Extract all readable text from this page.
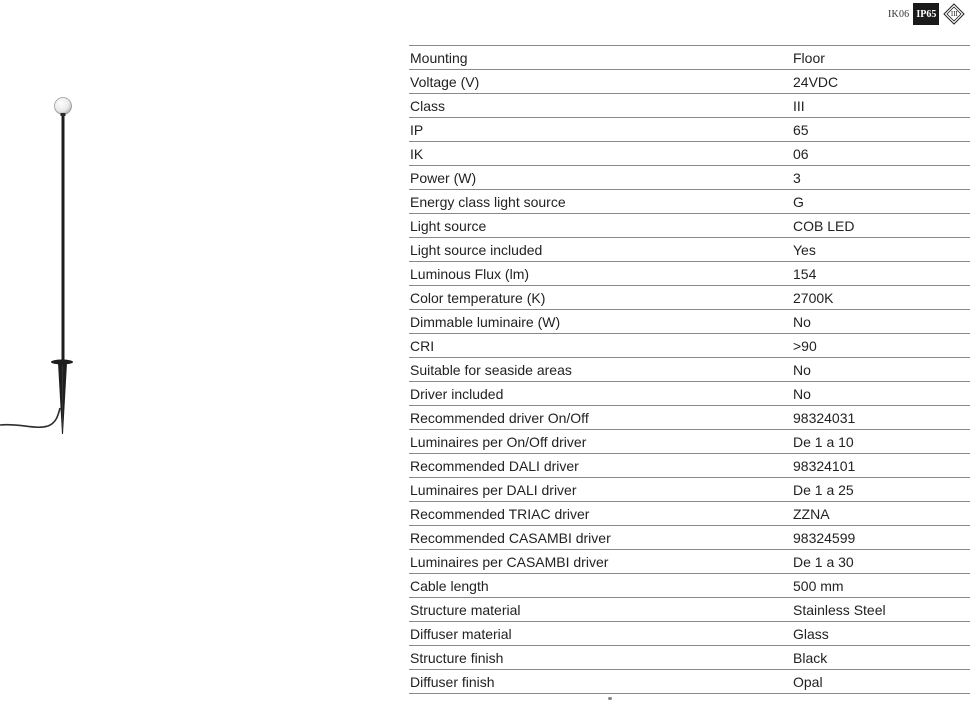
IK06 IP65	III
Mounting	Floor
Voltage (V)	24VDC
Class	III
IP	65
IK	06
Power (W)	3
Energy class light source	G
Light source	COB LED
Light source included	Yes
Luminous Flux (lm)	154
Color temperature (K)	2700K
Dimmable luminaire (W)	No
CRI	>90
Suitable for seaside areas	No
Driver included	No
Recommended driver On/Off	98324031
Luminaires per On/Off driver	De 1 a 10
Recommended DALI driver	98324101
Luminaires per DALI driver	De 1 a 25
Recommended TRIAC driver	ZZNA
Recommended CASAMBI driver	98324599
Luminaires per CASAMBI driver	De 1 a 30
Cable length	500 mm
Structure material	Stainless Steel
Diffuser material	Glass
Structure finish	Black
Diffuser finish	Opal
